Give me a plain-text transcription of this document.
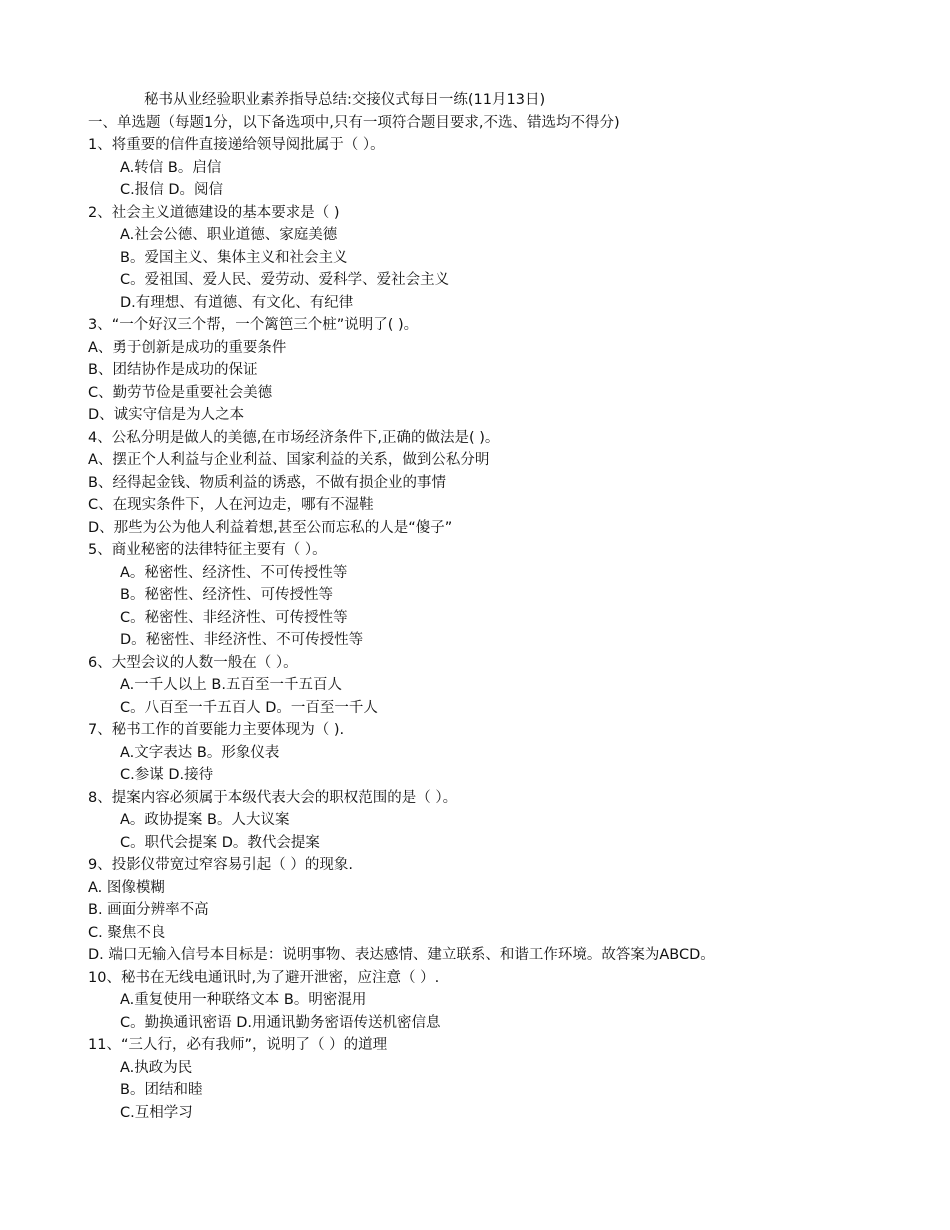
秘书从业经验职业素养指导总结:交接仪式每日一练(11月13日)
一、单选题（每题1分，以下备选项中,只有一项符合题目要求,不选、错选均不得分)
1、将重要的信件直接递给领导阅批属于（ ）。
A.转信 B。启信
C.报信 D。阅信
2、社会主义道德建设的基本要求是（ )
A.社会公德、职业道德、家庭美德
B。爱国主义、集体主义和社会主义
C。爱祖国、爱人民、爱劳动、爱科学、爱社会主义
D.有理想、有道德、有文化、有纪律
3、“一个好汉三个帮，一个篱笆三个桩”说明了( )。
A、勇于创新是成功的重要条件
B、团结协作是成功的保证
C、勤劳节俭是重要社会美德
D、诚实守信是为人之本
4、公私分明是做人的美德,在市场经济条件下,正确的做法是( )。
A、摆正个人利益与企业利益、国家利益的关系，做到公私分明
B、经得起金钱、物质利益的诱惑，不做有损企业的事情
C、在现实条件下，人在河边走，哪有不湿鞋
D、那些为公为他人利益着想,甚至公而忘私的人是“傻子”
5、商业秘密的法律特征主要有（ ）。
A。秘密性、经济性、不可传授性等
B。秘密性、经济性、可传授性等
C。秘密性、非经济性、可传授性等
D。秘密性、非经济性、不可传授性等
6、大型会议的人数一般在（ ）。
A.一千人以上 B.五百至一千五百人
C。八百至一千五百人 D。一百至一千人
7、秘书工作的首要能力主要体现为（ ).
A.文字表达 B。形象仪表
C.参谋 D.接待
8、提案内容必须属于本级代表大会的职权范围的是（ ）。
A。政协提案 B。人大议案
C。职代会提案 D。教代会提案
9、投影仪带宽过窄容易引起（ ）的现象.
A. 图像模糊
B. 画面分辨率不高
C. 聚焦不良
D. 端口无输入信号本目标是：说明事物、表达感情、建立联系、和谐工作环境。故答案为ABCD。
10、秘书在无线电通讯时,为了避开泄密，应注意（ ）.
A.重复使用一种联络文本 B。明密混用
C。勤换通讯密语 D.用通讯勤务密语传送机密信息
11、“三人行，必有我师”，说明了（ ）的道理
A.执政为民
B。团结和睦
C.互相学习
